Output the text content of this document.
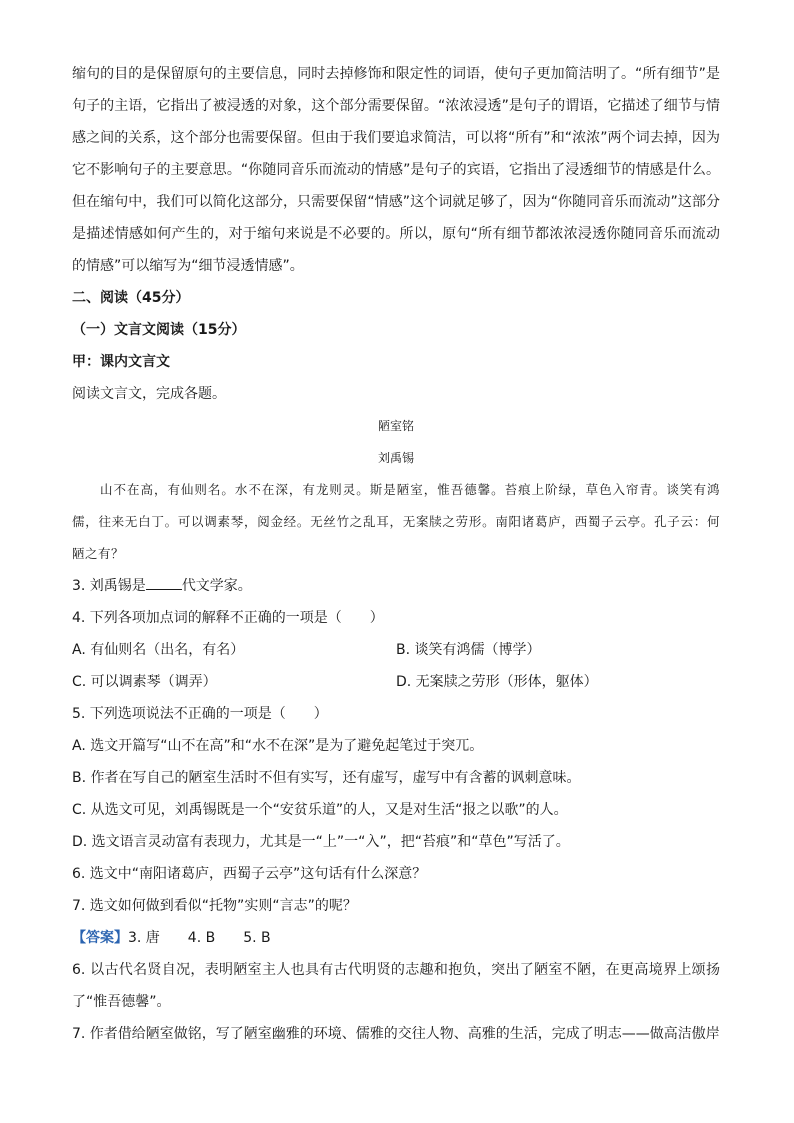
缩句的目的是保留原句的主要信息，同时去掉修饰和限定性的词语，使句子更加简洁明了。“所有细节”是句子的主语，它指出了被浸透的对象，这个部分需要保留。“浓浓浸透”是句子的谓语，它描述了细节与情感之间的关系，这个部分也需要保留。但由于我们要追求简洁，可以将“所有”和“浓浓”两个词去掉，因为它不影响句子的主要意思。“你随同音乐而流动的情感”是句子的宾语，它指出了浸透细节的情感是什么。但在缩句中，我们可以简化这部分，只需要保留“情感”这个词就足够了，因为“你随同音乐而流动”这部分是描述情感如何产生的，对于缩句来说是不必要的。所以，原句“所有细节都浓浓浸透你随同音乐而流动的情感”可以缩写为“细节浸透情感”。

二、阅读（45分）

（一）文言文阅读（15分）

甲：课内文言文

阅读文言文，完成各题。

陋室铭

刘禹锡

山不在高，有仙则名。水不在深，有龙则灵。斯是陋室，惟吾德馨。苔痕上阶绿，草色入帘青。谈笑有鸿儒，往来无白丁。可以调素琴，阅金经。无丝竹之乱耳，无案牍之劳形。南阳诸葛庐，西蜀子云亭。孔子云：何陋之有？

3. 刘禹锡是	代文学家。

4. 下列各项加点词的解释不正确的一项是（　　）

A. 有仙则名（出名，有名）	B. 谈笑有鸿儒（博学）
C. 可以调素琴（调弄）	D. 无案牍之劳形（形体，躯体）

5. 下列选项说法不正确的一项是（　　）

A. 选文开篇写“山不在高”和“水不在深”是为了避免起笔过于突兀。

B. 作者在写自己的陋室生活时不但有实写，还有虚写，虚写中有含蓄的讽刺意味。

C. 从选文可见，刘禹锡既是一个“安贫乐道”的人，又是对生活“报之以歌”的人。

D. 选文语言灵动富有表现力，尤其是一“上”一“入”，把“苔痕”和“草色”写活了。

6. 选文中“南阳诸葛庐，西蜀子云亭”这句话有什么深意？

7. 选文如何做到看似“托物”实则“言志”的呢？

【答案】3. 唐　　4. B　　5. B

6. 以古代名贤自况，表明陋室主人也具有古代明贤的志趣和抱负，突出了陋室不陋，在更高境界上颂扬了“惟吾德馨”。

7. 作者借给陋室做铭，写了陋室幽雅的环境、儒雅的交往人物、高雅的生活，完成了明志——做高洁傲岸
